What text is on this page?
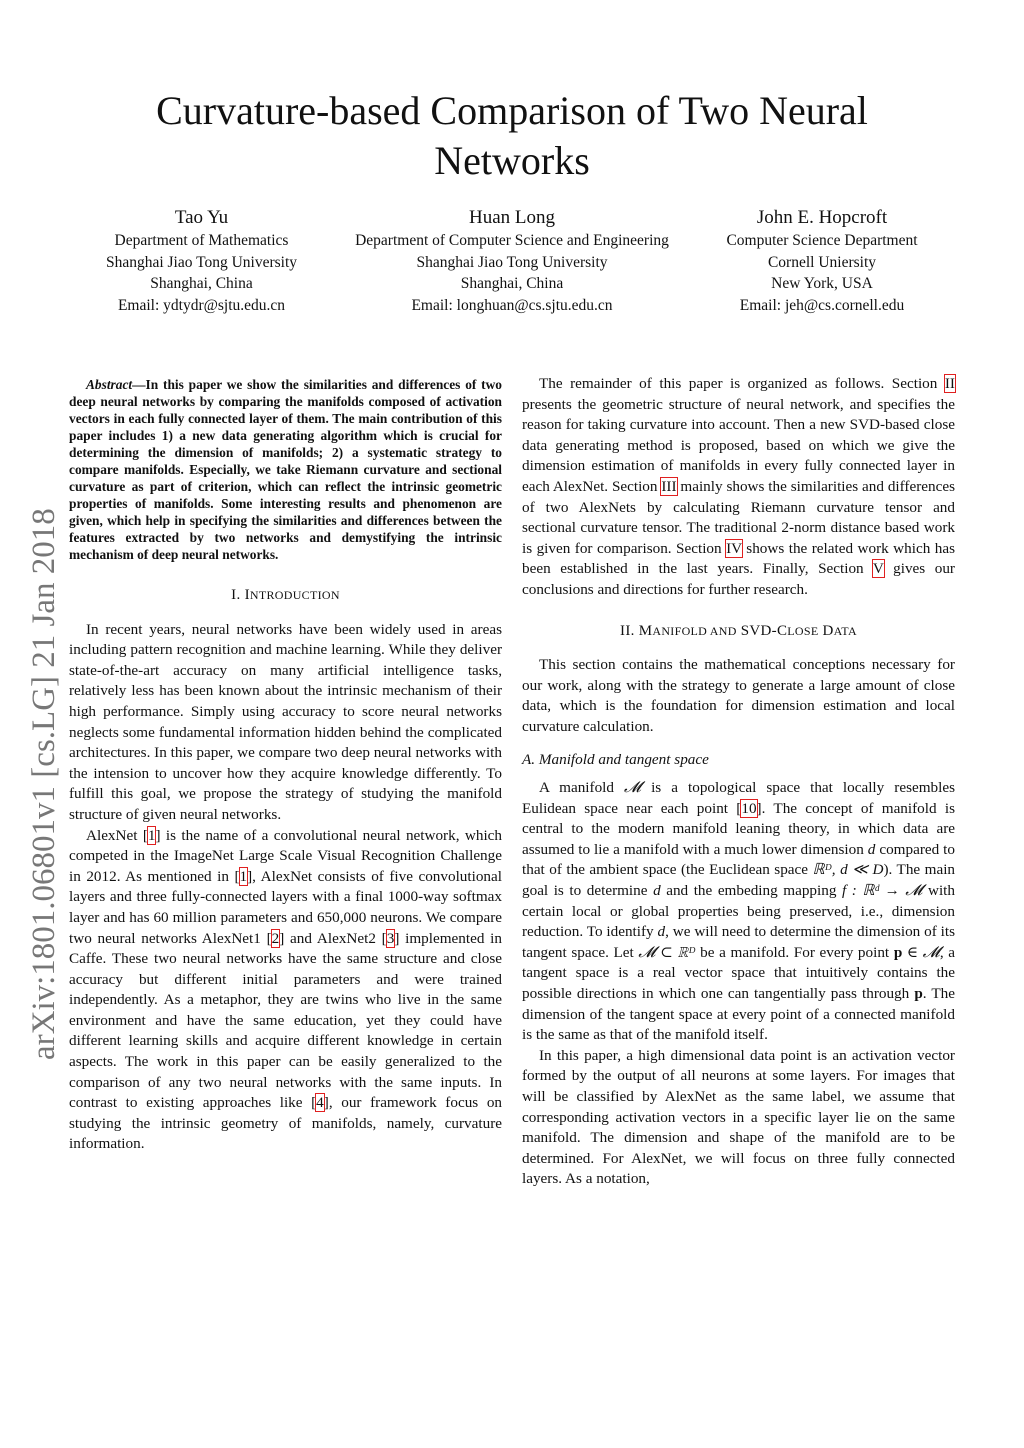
arXiv:1801.06801v1 [cs.LG] 21 Jan 2018
Curvature-based Comparison of Two Neural Networks
Tao Yu
Department of Mathematics
Shanghai Jiao Tong University
Shanghai, China
Email: ydtydr@sjtu.edu.cn
Huan Long
Department of Computer Science and Engineering
Shanghai Jiao Tong University
Shanghai, China
Email: longhuan@cs.sjtu.edu.cn
John E. Hopcroft
Computer Science Department
Cornell Uniersity
New York, USA
Email: jeh@cs.cornell.edu

Abstract—In this paper we show the similarities and differences of two deep neural networks by comparing the manifolds composed of activation vectors in each fully connected layer of them. The main contribution of this paper includes 1) a new data generating algorithm which is crucial for determining the dimension of manifolds; 2) a systematic strategy to compare manifolds. Especially, we take Riemann curvature and sectional curvature as part of criterion, which can reflect the intrinsic geometric properties of manifolds. Some interesting results and phenomenon are given, which help in specifying the similarities and differences between the features extracted by two networks and demystifying the intrinsic mechanism of deep neural networks.

I. INTRODUCTION

In recent years, neural networks have been widely used in areas including pattern recognition and machine learning. While they deliver state-of-the-art accuracy on many artificial intelligence tasks, relatively less has been known about the intrinsic mechanism of their high performance. Simply using accuracy to score neural networks neglects some fundamental information hidden behind the complicated architectures. In this paper, we compare two deep neural networks with the intension to uncover how they acquire knowledge differently. To fulfill this goal, we propose the strategy of studying the manifold structure of given neural networks.

AlexNet [1] is the name of a convolutional neural network, which competed in the ImageNet Large Scale Visual Recognition Challenge in 2012. As mentioned in [1], AlexNet consists of five convolutional layers and three fully-connected layers with a final 1000-way softmax layer and has 60 million parameters and 650,000 neurons. We compare two neural networks AlexNet1 [2] and AlexNet2 [3] implemented in Caffe. These two neural networks have the same structure and close accuracy but different initial parameters and were trained independently. As a metaphor, they are twins who live in the same environment and have the same education, yet they could have different learning skills and acquire different knowledge in certain aspects. The work in this paper can be easily generalized to the comparison of any two neural networks with the same inputs. In contrast to existing approaches like [4], our framework focus on studying the intrinsic geometry of manifolds, namely, curvature information.

The remainder of this paper is organized as follows. Section II presents the geometric structure of neural network, and specifies the reason for taking curvature into account. Then a new SVD-based close data generating method is proposed, based on which we give the dimension estimation of manifolds in every fully connected layer in each AlexNet. Section III mainly shows the similarities and differences of two AlexNets by calculating Riemann curvature tensor and sectional curvature tensor. The traditional 2-norm distance based work is given for comparison. Section IV shows the related work which has been established in the last years. Finally, Section V gives our conclusions and directions for further research.

II. MANIFOLD AND SVD-CLOSE DATA

This section contains the mathematical conceptions necessary for our work, along with the strategy to generate a large amount of close data, which is the foundation for dimension estimation and local curvature calculation.

A. Manifold and tangent space

A manifold 𝓜 is a topological space that locally resembles Eulidean space near each point [10]. The concept of manifold is central to the modern manifold leaning theory, in which data are assumed to lie a manifold with a much lower dimension d compared to that of the ambient space (the Euclidean space ℝᴰ, d ≪ D). The main goal is to determine d and the embeding mapping f : ℝᵈ → 𝓜 with certain local or global properties being preserved, i.e., dimension reduction. To identify d, we will need to determine the dimension of its tangent space. Let 𝓜 ⊂ ℝᴰ be a manifold. For every point p ∈ 𝓜, a tangent space is a real vector space that intuitively contains the possible directions in which one can tangentially pass through p. The dimension of the tangent space at every point of a connected manifold is the same as that of the manifold itself.

In this paper, a high dimensional data point is an activation vector formed by the output of all neurons at some layers. For images that will be classified by AlexNet as the same label, we assume that corresponding activation vectors in a specific layer lie on the same manifold. The dimension and shape of the manifold are to be determined. For AlexNet, we will focus on three fully connected layers. As a notation,
